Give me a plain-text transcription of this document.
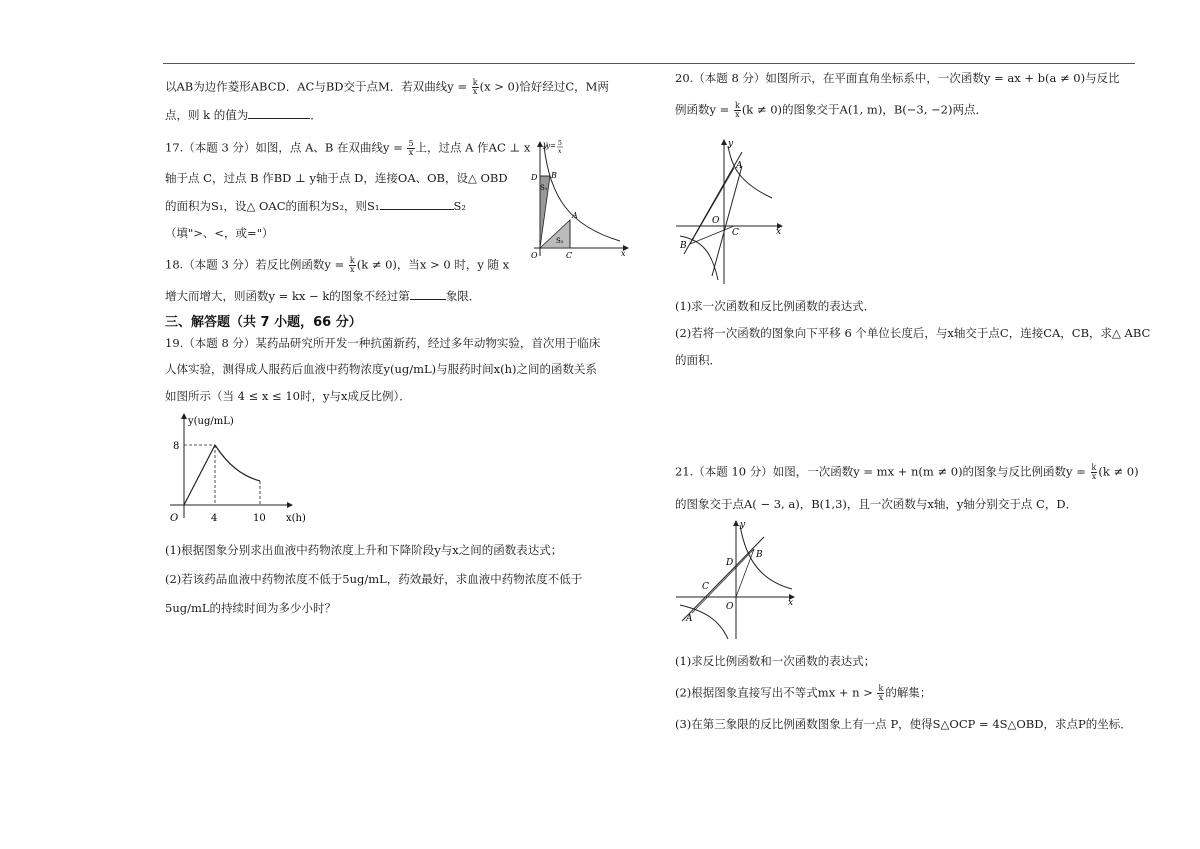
以AB为边作菱形ABCD．AC与BD交于点M．若双曲线$y = \frac{k}{x} (x > 0)$恰好经过C，M两
点，则 k 的值为	．
17.（本题 3 分）如图，点 A、B 在双曲线$y = \frac{5}{x}$ 上，过点 A 作AC ⊥ x
轴于点 C，过点 B 作BD ⊥ y轴于点 D，连接OA、OB，设△ OBD
的面积为S₁，设△ OAC的面积为S₂，则S₁	S₂
（填">、<，或="）
y= 5
x
y
x
O
D B
A
C
S₁
S₂
18.（本题 3 分）若反比例函数$y = \frac{k}{x} (k \ne 0)$，当x > 0 时，y 随 x
增大而增大，则函数y = kx − k的图象不经过第	象限．
三、解答题（共 7 小题，66 分）
19.（本题 8 分）某药品研究所开发一种抗菌新药，经过多年动物实验，首次用于临床
人体实验，测得成人服药后血液中药物浓度y(ug/mL)与服药时间x(h)之间的函数关系
如图所示（当 4 ≤ x ≤ 10时，y与x成反比例）．
y(ug/mL)
x(h)
O
8
4	10
(1)根据图象分别求出血液中药物浓度上升和下降阶段y与x之间的函数表达式；
(2)若该药品血液中药物浓度不低于5ug/mL，药效最好，求血液中药物浓度不低于
5ug/mL的持续时间为多少小时？
20.（本题 8 分）如图所示，在平面直角坐标系中，一次函数y = ax + b(a ≠ 0)与反比
例函数$y = \frac{k}{x} (k \ne 0)$的图象交于A(1, m)，B(−3, −2)两点．
y
x
O
A
B
C
(1)求一次函数和反比例函数的表达式．
(2)若将一次函数的图象向下平移 6 个单位长度后，与x轴交于点C，连接CA，CB，求△ ABC
的面积．
21.（本题 10 分）如图，一次函数y = mx + n(m ≠ 0)的图象与反比例函数$y = \frac{k}{x} (k \ne 0)$
的图象交于点A( − 3, a)，B(1,3)，且一次函数与x轴，y轴分别交于点 C，D．
y
x
O
A
B
C
D
(1)求反比例函数和一次函数的表达式；
(2)根据图象直接写出不等式mx + $n > \frac{k}{x}$ 的解集；
(3)在第三象限的反比例函数图象上有一点 P，使得S△OCP = 4S△OBD，求点P的坐标．
